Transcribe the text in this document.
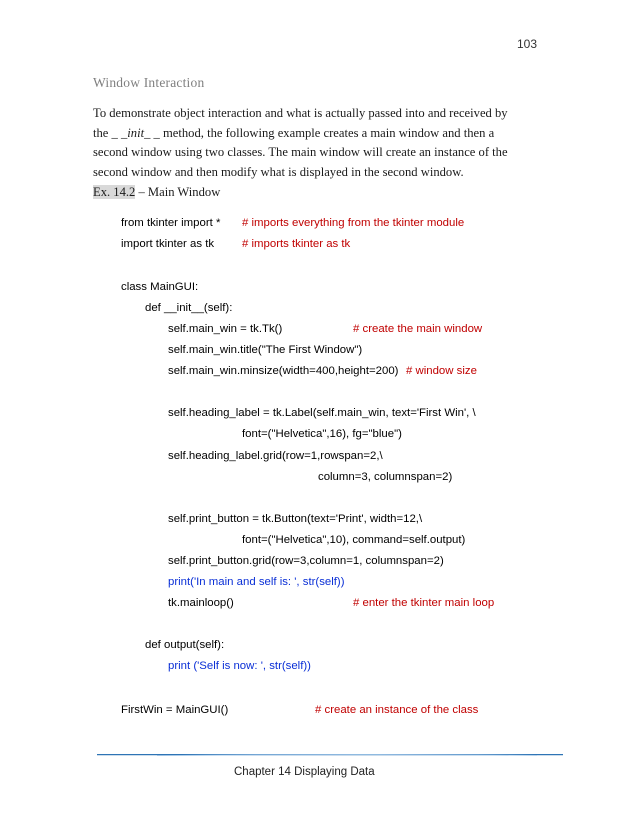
103
Window Interaction

To demonstrate object interaction and what is actually passed into and received by the _ _init_ _ method, the following example creates a main window and then a second window using two classes. The main window will create an instance of the second window and then modify what is displayed in the second window.

Ex. 14.2 – Main Window
from tkinter import * # imports everything from the tkinter module
import tkinter as tk # imports tkinter as tk
class MainGUI:
def __init__(self):
self.main_win = tk.Tk()	# create the main window
self.main_win.title("The First Window")
self.main_win.minsize(width=400,height=200) # window size
self.heading_label = tk.Label(self.main_win, text='First Win', \
font=("Helvetica",16), fg="blue")
self.heading_label.grid(row=1,rowspan=2,\
column=3, columnspan=2)
self.print_button = tk.Button(text='Print', width=12,\
font=("Helvetica",10), command=self.output)
self.print_button.grid(row=3,column=1, columnspan=2)
print('In main and self is: ', str(self))
tk.mainloop()	# enter the tkinter main loop
def output(self):
print ('Self is now: ', str(self))
FirstWin = MainGUI()	# create an instance of the class
Chapter 14 Displaying Data
